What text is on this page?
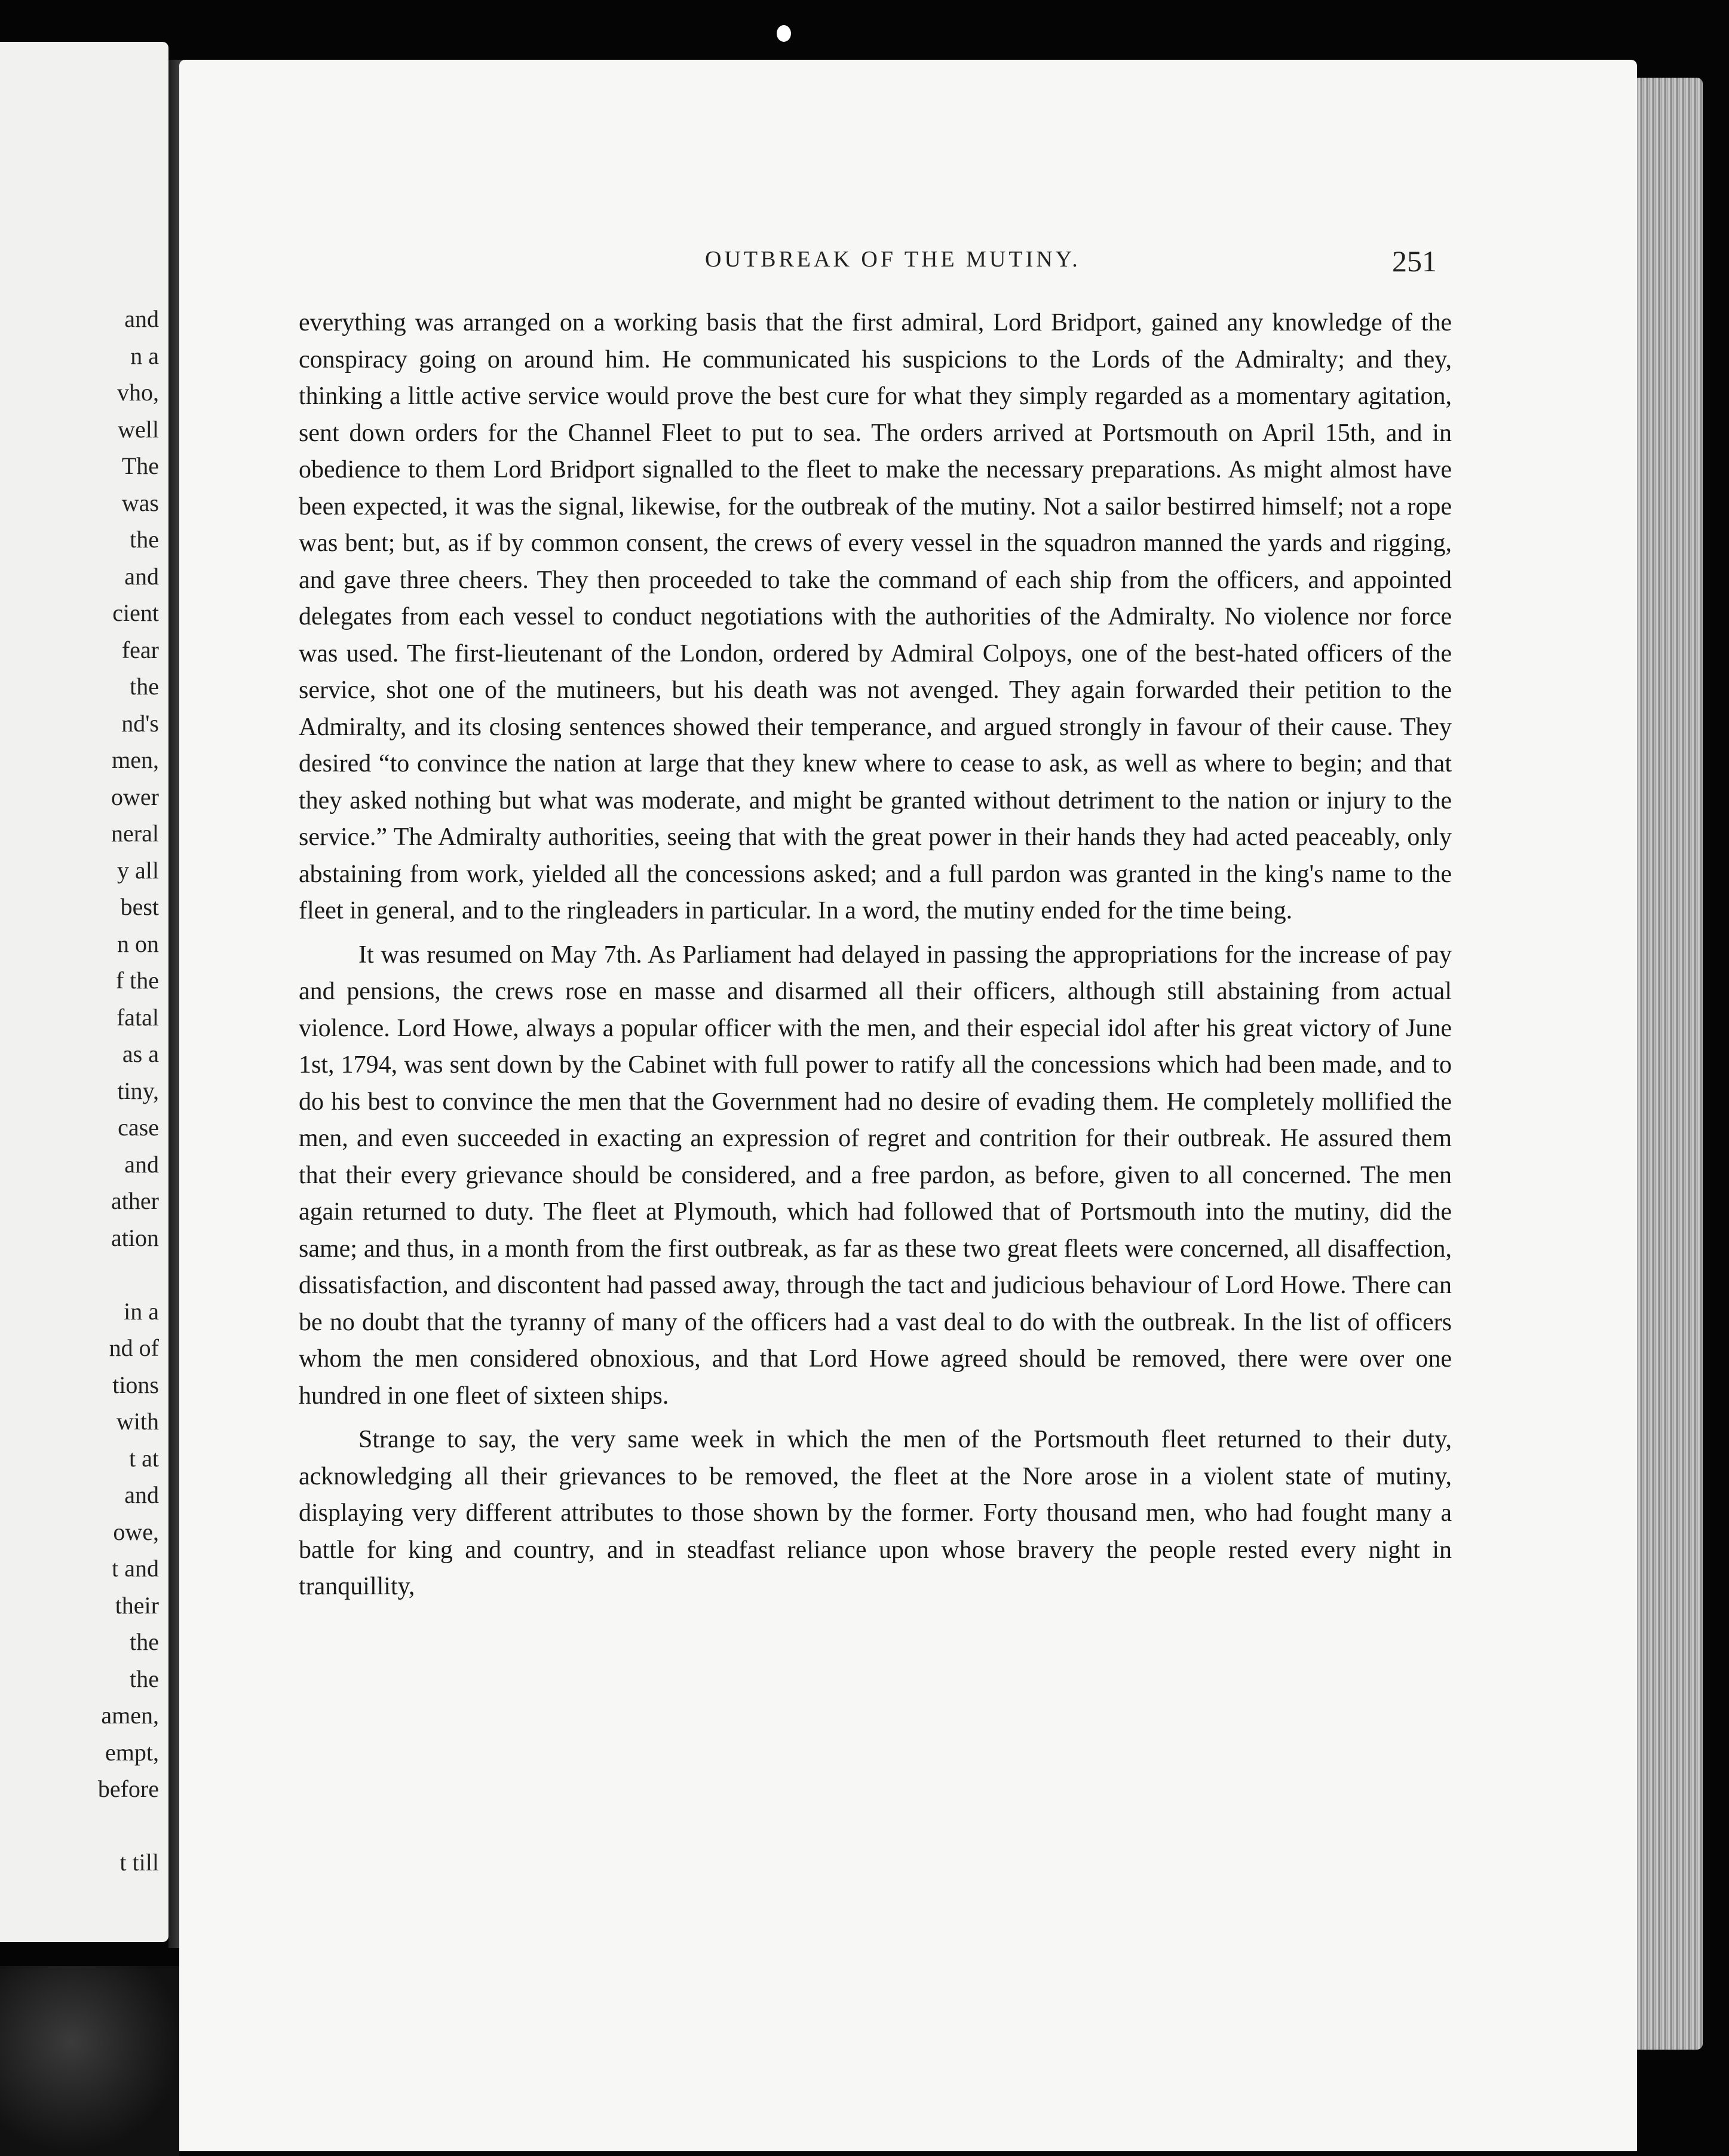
and
n a
vho,
well
The
was
the
and
cient
fear
the
nd's
men,
ower
neral
y all
best
n on
f the
fatal
as a
tiny,
case
and
ather
ation
in a
nd of
tions
with
t at
and
owe,
t and
their
the
the
amen,
empt,
before
t till
OUTBREAK OF THE MUTINY.	251

everything was arranged on a working basis that the first admiral, Lord Bridport, gained any knowledge of the conspiracy going on around him. He communicated his suspicions to the Lords of the Admiralty; and they, thinking a little active service would prove the best cure for what they simply regarded as a momentary agitation, sent down orders for the Channel Fleet to put to sea. The orders arrived at Portsmouth on April 15th, and in obedience to them Lord Bridport signalled to the fleet to make the necessary preparations. As might almost have been expected, it was the signal, likewise, for the outbreak of the mutiny. Not a sailor bestirred himself; not a rope was bent; but, as if by common consent, the crews of every vessel in the squadron manned the yards and rigging, and gave three cheers. They then proceeded to take the command of each ship from the officers, and appointed delegates from each vessel to conduct negotiations with the authorities of the Admiralty. No violence nor force was used. The first-lieutenant of the London, ordered by Admiral Colpoys, one of the best-hated officers of the service, shot one of the mutineers, but his death was not avenged. They again forwarded their petition to the Admiralty, and its closing sentences showed their temperance, and argued strongly in favour of their cause. They desired “to convince the nation at large that they knew where to cease to ask, as well as where to begin; and that they asked nothing but what was moderate, and might be granted without detriment to the nation or injury to the service.” The Admiralty authorities, seeing that with the great power in their hands they had acted peaceably, only abstaining from work, yielded all the concessions asked; and a full pardon was granted in the king's name to the fleet in general, and to the ringleaders in particular. In a word, the mutiny ended for the time being.

It was resumed on May 7th. As Parliament had delayed in passing the appropriations for the increase of pay and pensions, the crews rose en masse and disarmed all their officers, although still abstaining from actual violence. Lord Howe, always a popular officer with the men, and their especial idol after his great victory of June 1st, 1794, was sent down by the Cabinet with full power to ratify all the concessions which had been made, and to do his best to convince the men that the Government had no desire of evading them. He completely mollified the men, and even succeeded in exacting an expression of regret and contrition for their outbreak. He assured them that their every grievance should be considered, and a free pardon, as before, given to all concerned. The men again returned to duty. The fleet at Plymouth, which had followed that of Portsmouth into the mutiny, did the same; and thus, in a month from the first outbreak, as far as these two great fleets were concerned, all disaffection, dissatisfaction, and discontent had passed away, through the tact and judicious behaviour of Lord Howe. There can be no doubt that the tyranny of many of the officers had a vast deal to do with the outbreak. In the list of officers whom the men considered obnoxious, and that Lord Howe agreed should be removed, there were over one hundred in one fleet of sixteen ships.

Strange to say, the very same week in which the men of the Portsmouth fleet returned to their duty, acknowledging all their grievances to be removed, the fleet at the Nore arose in a violent state of mutiny, displaying very different attributes to those shown by the former. Forty thousand men, who had fought many a battle for king and country, and in steadfast reliance upon whose bravery the people rested every night in tranquillity,
